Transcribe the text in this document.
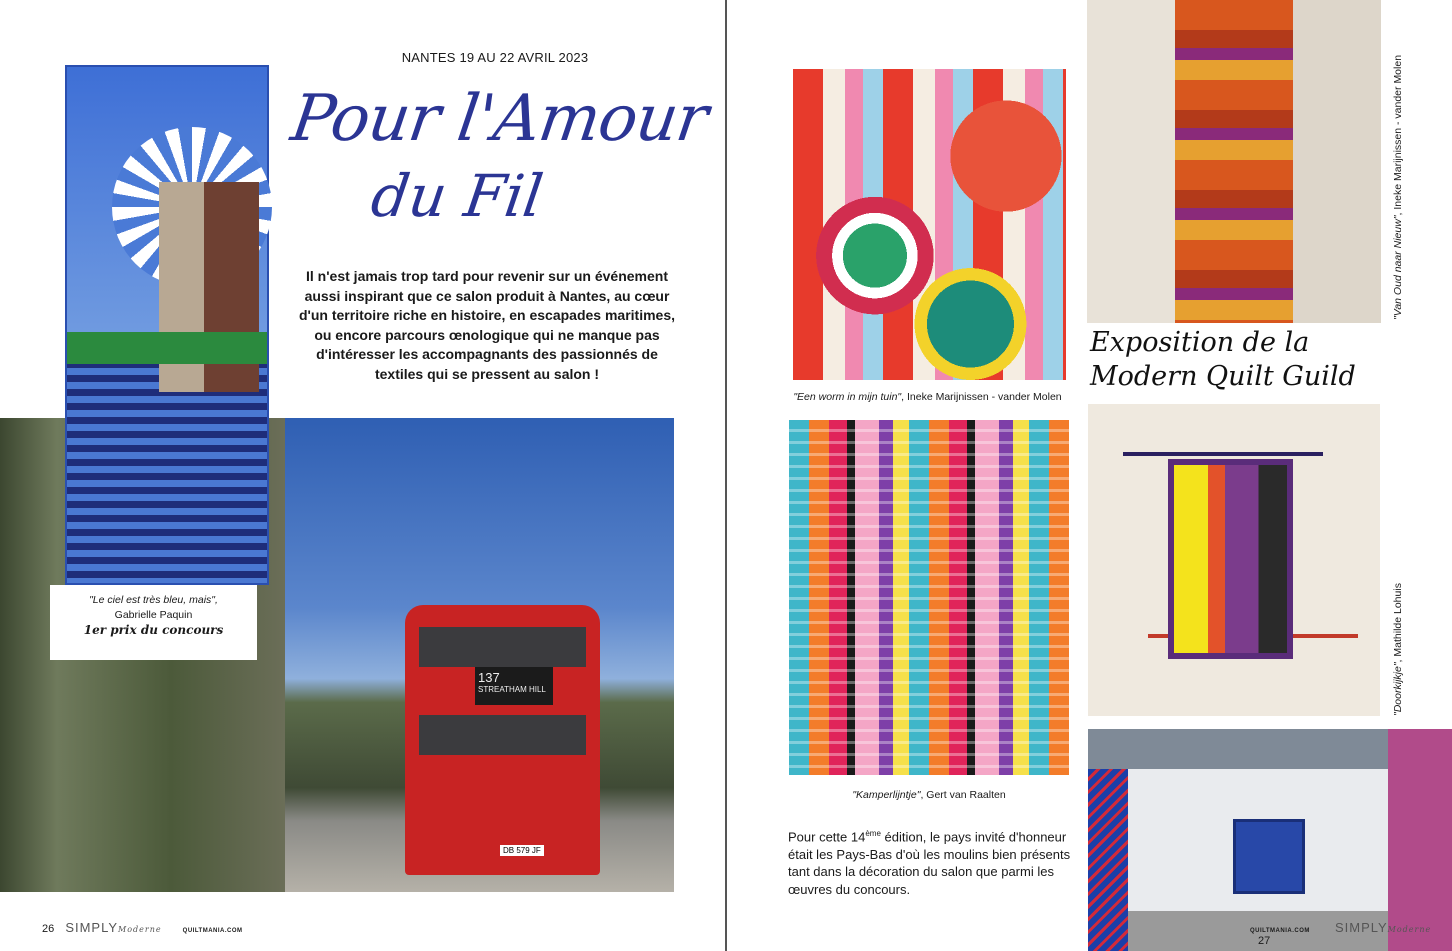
137 STREATHAM HILL
DB 579 JF
"Le ciel est très bleu, mais",
Gabrielle Paquin
1er prix du concours
NANTES 19 AU 22 AVRIL 2023
Pour l'Amour
du Fil
Il n'est jamais trop tard pour revenir sur un événement aussi inspirant que ce salon produit à Nantes, au cœur d'un territoire riche en histoire, en escapades maritimes, ou encore parcours œnologique qui ne manque pas d'intéresser les accompagnants des passionnés de textiles qui se pressent au salon !
26 SIMPLYModerne	QUILTMANIA.COM
"Een worm in mijn tuin", Ineke Marijnissen - vander Molen
"Kamperlijntje", Gert van Raalten
Pour cette 14ème édition, le pays invité d'honneur était les Pays-Bas d'où les moulins bien présents tant dans la décoration du salon que parmi les œuvres du concours.
"Van Oud naar Nieuw", Ineke Marijnissen - vander Molen
Exposition de la
Modern Quilt Guild
"Doorkijkje", Mathilde Lohuis
QUILTMANIA.COM SIMPLYModerne 27
